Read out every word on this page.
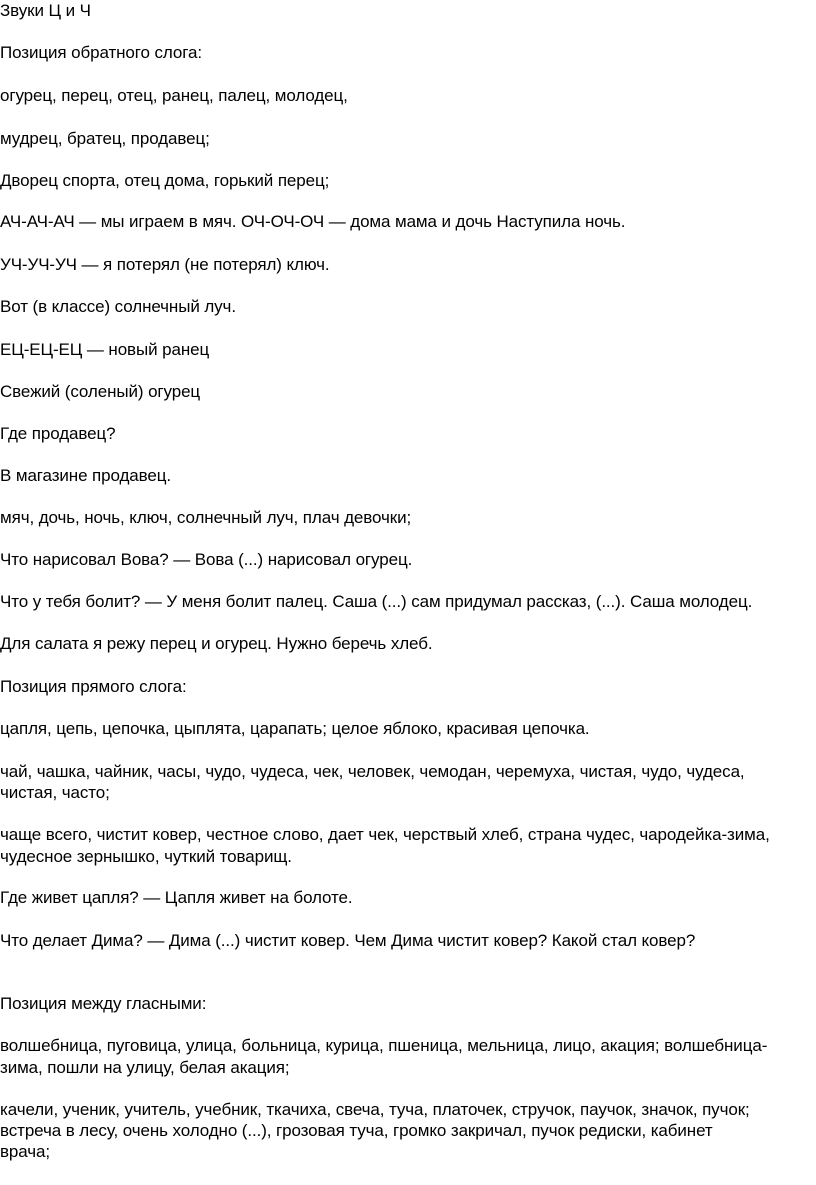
Звуки Ц и Ч

Позиция обратного слога:

огурец, перец, отец, ранец, палец, молодец,

мудрец, братец, продавец;

Дворец спорта, отец дома, горький перец;

АЧ-АЧ-АЧ — мы играем в мяч. ОЧ-ОЧ-ОЧ — дома мама и дочь Наступила ночь.

УЧ-УЧ-УЧ — я потерял (не потерял) ключ.

Вот (в классе) солнечный луч.

ЕЦ-ЕЦ-ЕЦ — новый ранец

Свежий (соленый) огурец

Где продавец?

В магазине продавец.

мяч, дочь, ночь, ключ, солнечный луч, плач девочки;

Что нарисовал Вова? — Вова (...) нарисовал огурец.

Что у тебя болит? — У меня болит палец. Саша (...) сам придумал рассказ, (...). Саша молодец.

Для салата я режу перец и огурец. Нужно беречь хлеб.

Позиция прямого слога:

цапля, цепь, цепочка, цыплята, царапать; целое яблоко, красивая цепочка.

чай, чашка, чайник, часы, чудо, чудеса, чек, человек, чемодан, черемуха, чистая, чудо, чудеса,

чистая, часто;

чаще всего, чистит ковер, честное слово, дает чек, черствый хлеб, страна чудес, чародейка-зима,

чудесное зернышко, чуткий товарищ.

Где живет цапля? — Цапля живет на болоте.

Что делает Дима? — Дима (...) чистит ковер. Чем Дима чистит ковер? Какой стал ковер?

Позиция между гласными:

волшебница, пуговица, улица, больница, курица, пшеница, мельница, лицо, акация; волшебница-

зима, пошли на улицу, белая акация;

качели, ученик, учитель, учебник, ткачиха, свеча, туча, платочек, стручок, паучок, значок, пучок;

встреча в лесу, очень холодно (...), грозовая туча, громко закричал, пучок редиски, кабинет

врача;
